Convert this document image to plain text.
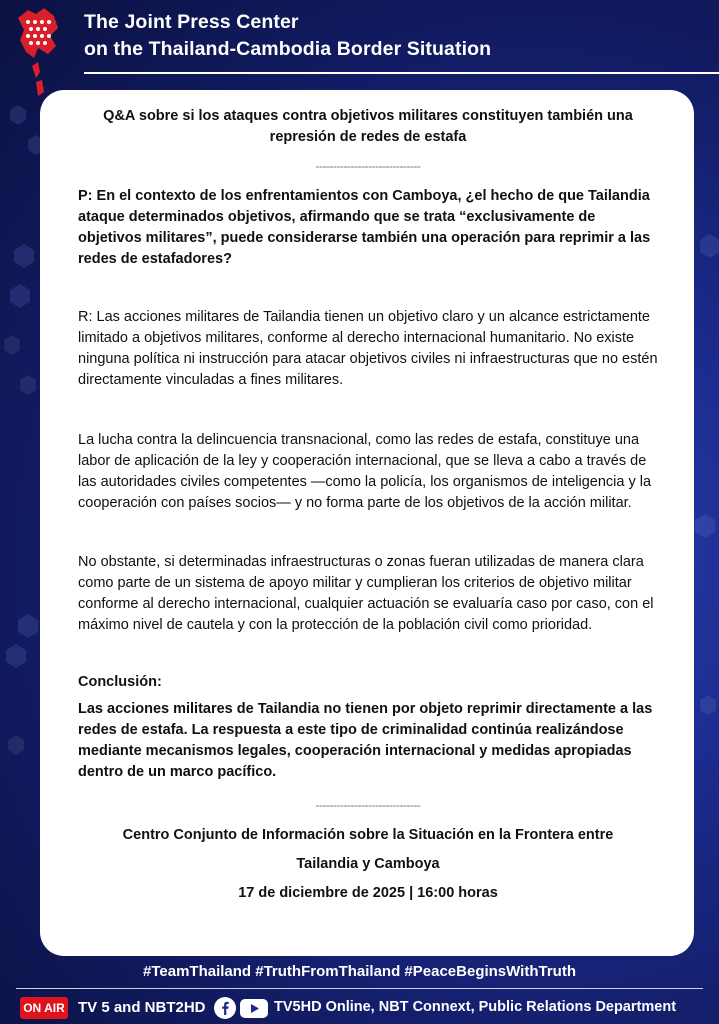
The Joint Press Center
on the Thailand-Cambodia Border Situation
Q&A sobre si los ataques contra objetivos militares constituyen también una
represión de redes de estafa
------------------------------

P: En el contexto de los enfrentamientos con Camboya, ¿el hecho de que Tailandia ataque determinados objetivos, afirmando que se trata “exclusivamente de objetivos militares”, puede considerarse también una operación para reprimir a las redes de estafadores?

R: Las acciones militares de Tailandia tienen un objetivo claro y un alcance estrictamente limitado a objetivos militares, conforme al derecho internacional humanitario. No existe ninguna política ni instrucción para atacar objetivos civiles ni infraestructuras que no estén directamente vinculadas a fines militares.

La lucha contra la delincuencia transnacional, como las redes de estafa, constituye una labor de aplicación de la ley y cooperación internacional, que se lleva a cabo a través de las autoridades civiles competentes —como la policía, los organismos de inteligencia y la cooperación con países socios— y no forma parte de los objetivos de la acción militar.

No obstante, si determinadas infraestructuras o zonas fueran utilizadas de manera clara como parte de un sistema de apoyo militar y cumplieran los criterios de objetivo militar conforme al derecho internacional, cualquier actuación se evaluaría caso por caso, con el máximo nivel de cautela y con la protección de la población civil como prioridad.

Conclusión:

Las acciones militares de Tailandia no tienen por objeto reprimir directamente a las redes de estafa. La respuesta a este tipo de criminalidad continúa realizándose mediante mecanismos legales, cooperación internacional y medidas apropiadas dentro de un marco pacífico.

------------------------------
Centro Conjunto de Información sobre la Situación en la Frontera entre
Tailandia y Camboya
17 de diciembre de 2025 | 16:00 horas
#TeamThailand #TruthFromThailand #PeaceBeginsWithTruth
ON AIR TV 5 and NBT2HD	TV5HD Online, NBT Connext, Public Relations Department
